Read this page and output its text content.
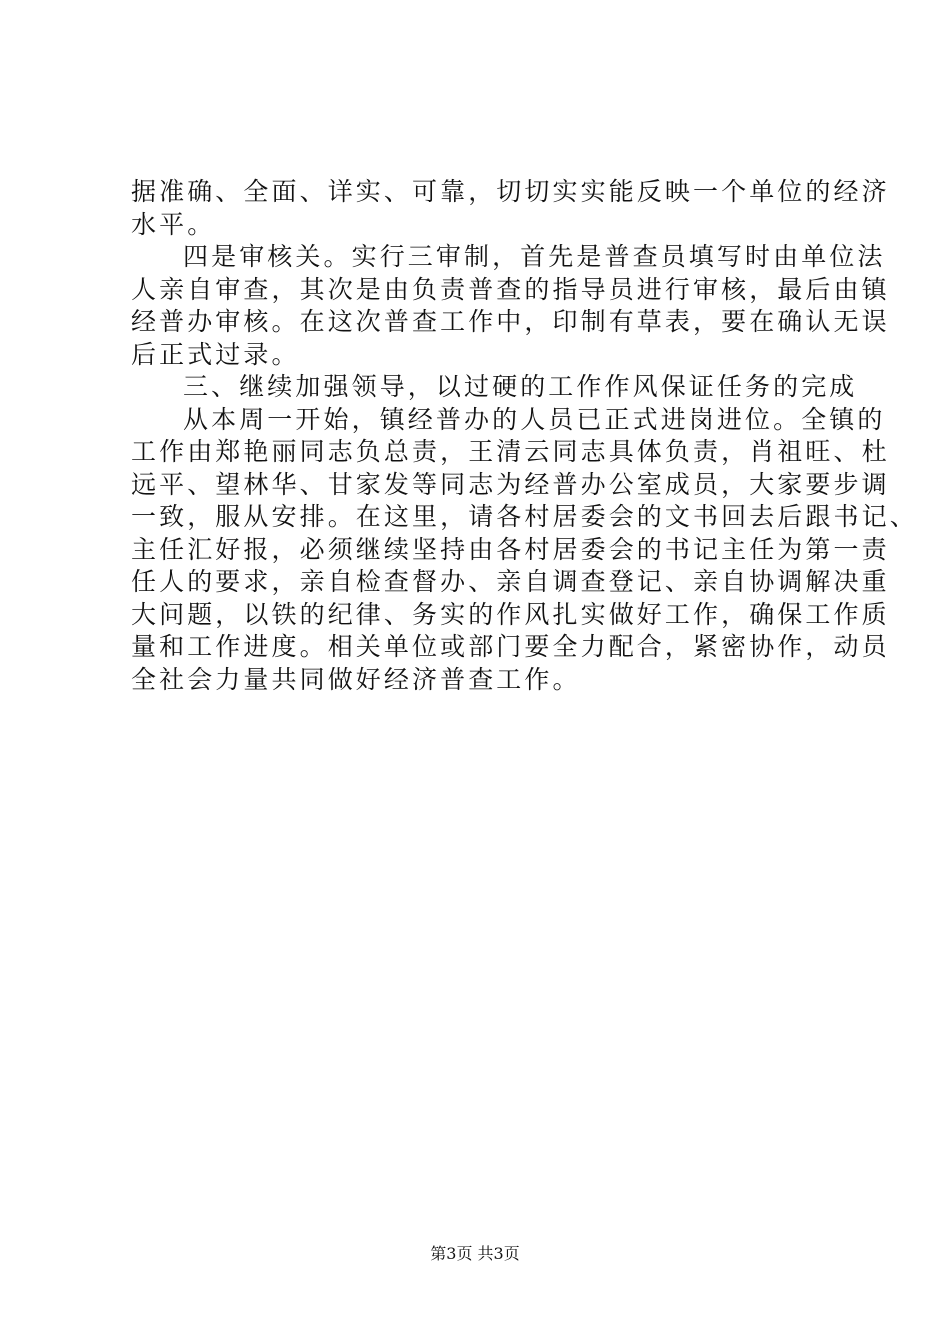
据准确、全面、详实、可靠，切切实实能反映一个单位的经济
水平。
四是审核关。实行三审制，首先是普查员填写时由单位法
人亲自审查，其次是由负责普查的指导员进行审核，最后由镇
经普办审核。在这次普查工作中，印制有草表，要在确认无误
后正式过录。
三、继续加强领导，以过硬的工作作风保证任务的完成
从本周一开始，镇经普办的人员已正式进岗进位。全镇的
工作由郑艳丽同志负总责，王清云同志具体负责，肖祖旺、杜
远平、望林华、甘家发等同志为经普办公室成员，大家要步调
一致，服从安排。在这里，请各村居委会的文书回去后跟书记、
主任汇好报，必须继续坚持由各村居委会的书记主任为第一责
任人的要求，亲自检查督办、亲自调查登记、亲自协调解决重
大问题，以铁的纪律、务实的作风扎实做好工作，确保工作质
量和工作进度。相关单位或部门要全力配合，紧密协作，动员
全社会力量共同做好经济普查工作。
第3页 共3页
